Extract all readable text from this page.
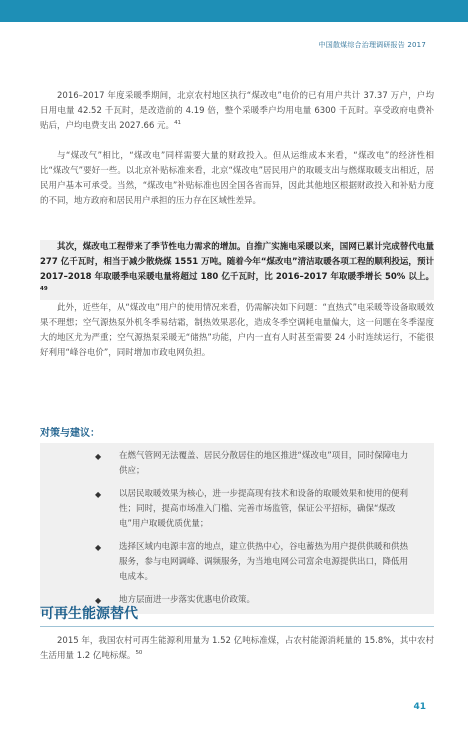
中国散煤综合治理调研报告 2017

2016–2017 年度采暖季期间，北京农村地区执行“煤改电”电价的已有用户共计 37.37 万户，户均日用电量 42.52 千瓦时，是改造前的 4.19 倍，整个采暖季户均用电量 6300 千瓦时。享受政府电费补贴后，户均电费支出 2027.66 元。$^{41}$

与“煤改气”相比，“煤改电”同样需要大量的财政投入。但从运维成本来看，“煤改电”的经济性相比“煤改气”要好一些。以北京补贴标准来看，北京“煤改电”居民用户的取暖支出与燃煤取暖支出相近，居民用户基本可承受。当然，“煤改电”补贴标准也因全国各省而异，因此其他地区根据财政投入和补贴力度的不同，地方政府和居民用户承担的压力存在区域性差异。

其次，煤改电工程带来了季节性电力需求的增加。自推广实施电采暖以来，国网已累计完成替代电量 277 亿千瓦时，相当于减少散烧煤 1551 万吨。随着今年“煤改电”清洁取暖各项工程的顺利投运，预计 2017–2018 年取暖季电采暖电量将超过 180 亿千瓦时，比 2016–2017 年取暖季增长 50% 以上。$^{49}$

此外，近些年，从“煤改电”用户的使用情况来看，仍需解决如下问题：“直热式”电采暖等设备取暖效果不理想；空气源热泵外机冬季易结霜，制热效果恶化，造成冬季空调耗电量偏大，这一问题在冬季湿度大的地区尤为严重；空气源热泵采暖无“储热”功能，户内一直有人时甚至需要 24 小时连续运行，不能很好利用“峰谷电价”，同时增加市政电网负担。

对策与建议：

◆ 在燃气管网无法覆盖、居民分散居住的地区推进“煤改电”项目，同时保障电力供应；

◆ 以居民取暖效果为核心，进一步提高现有技术和设备的取暖效果和使用的便利性；同时，提高市场准入门槛、完善市场监管，保证公平招标，确保“煤改电”用户取暖优质优量；

◆ 选择区域内电源丰富的地点，建立供热中心，谷电蓄热为用户提供供暖和供热服务，参与电网调峰、调频服务，为当地电网公司富余电源提供出口，降低用电成本。

◆ 地方层面进一步落实优惠电价政策。

可再生能源替代

2015 年，我国农村可再生能源利用量为 1.52 亿吨标准煤，占农村能源消耗量的 15.8%，其中农村生活用量 1.2 亿吨标煤。$^{50}$

41
